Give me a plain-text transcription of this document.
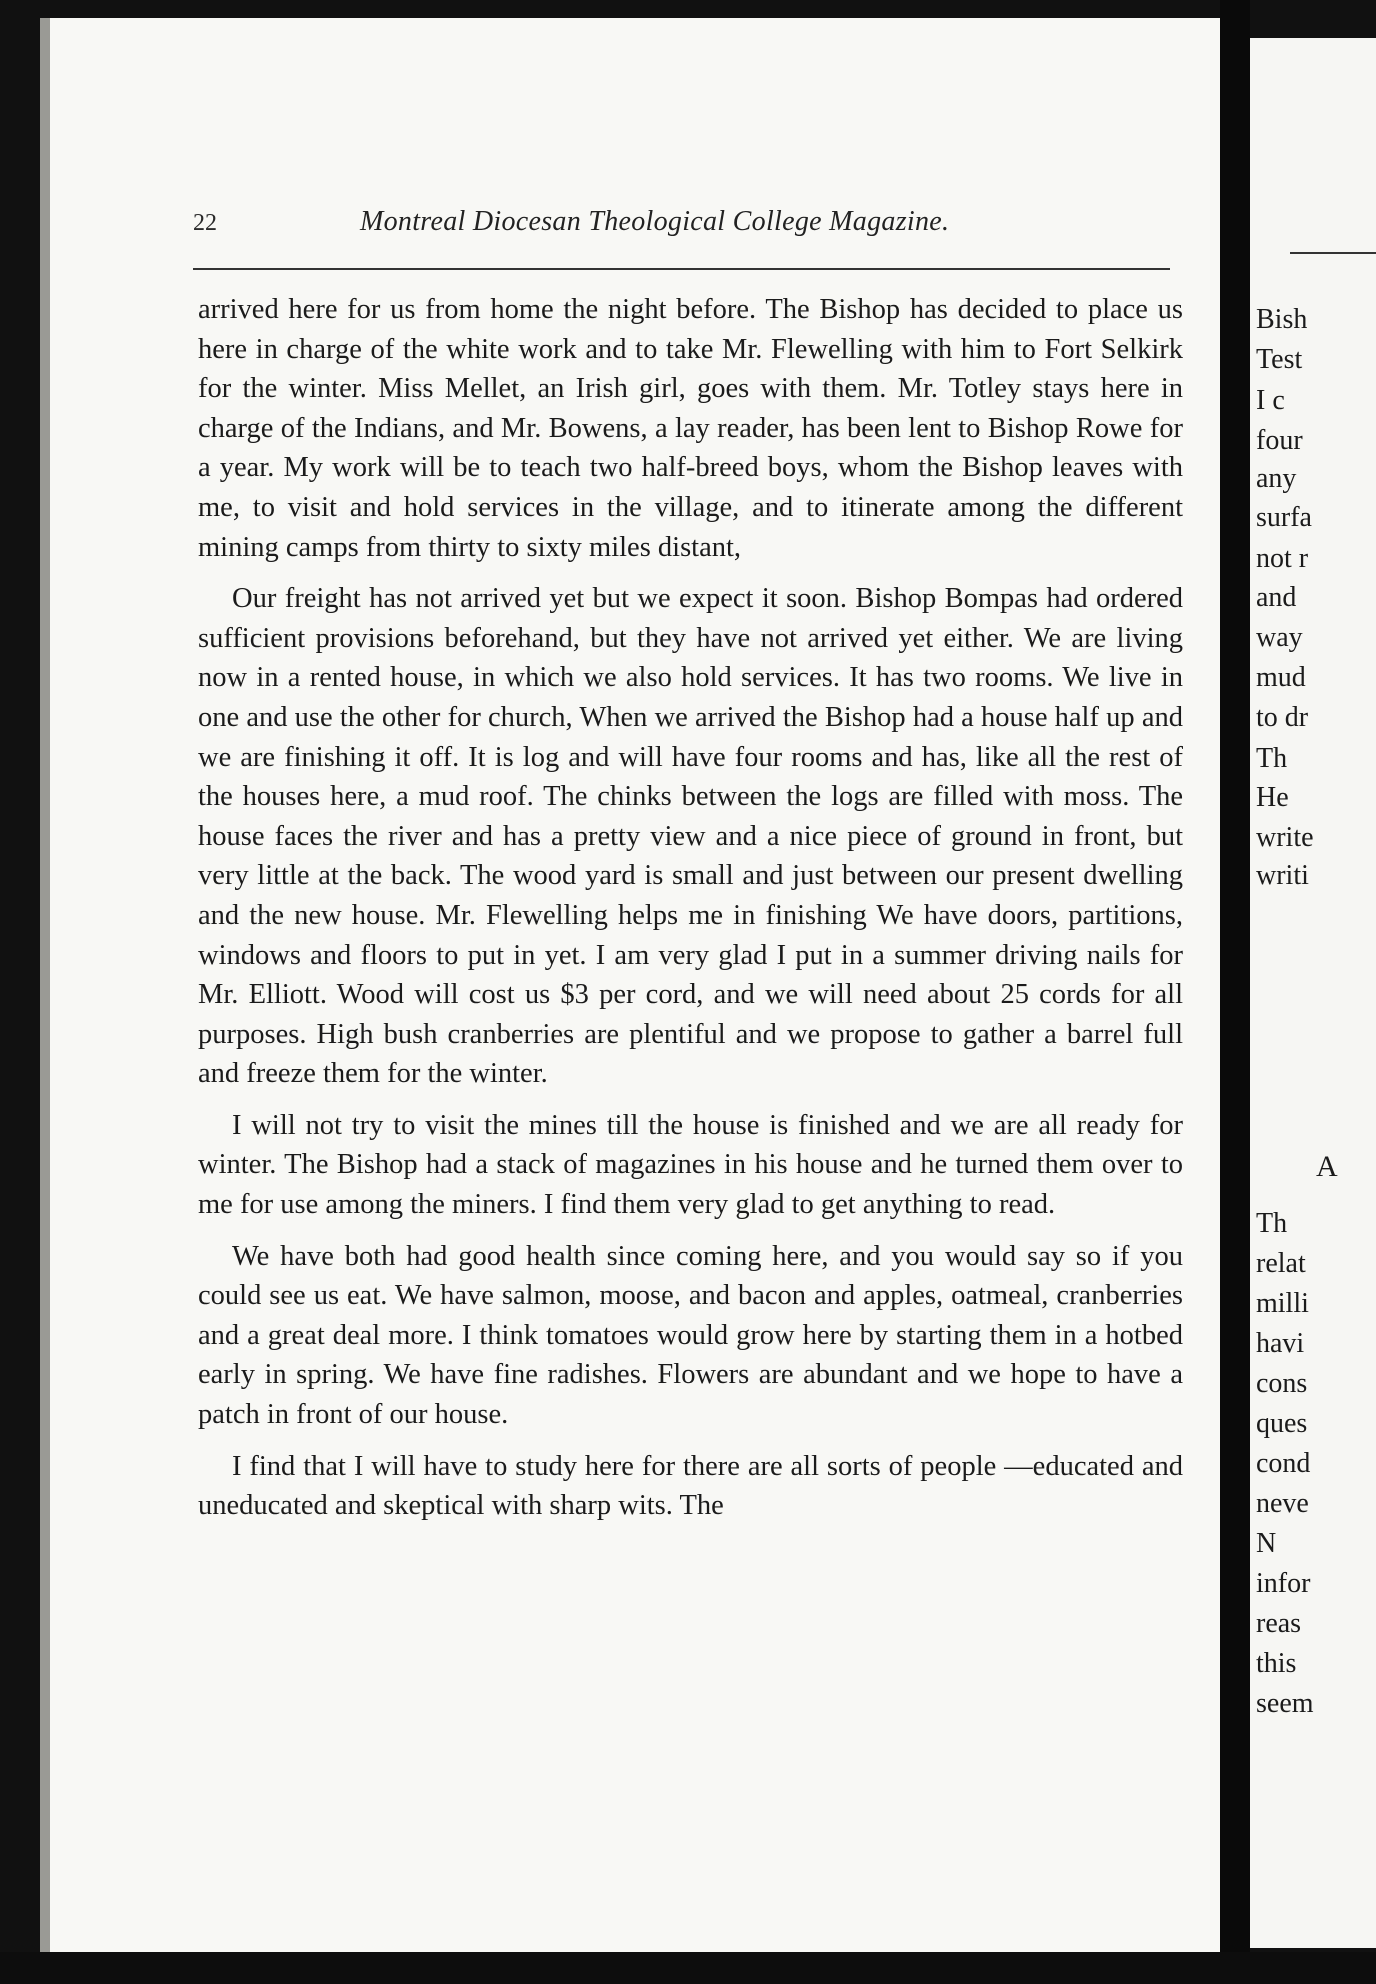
Bish
Test
I c
four
any
surfa
not r
and
way
mud
to dr
Th
He
write
writi
Th
relat
milli
havi
cons
ques
cond
neve
N
infor
reas
this
seem
A
22	Montreal Diocesan Theological College Magazine.

arrived here for us from home the night before. The Bishop has decided to place us here in charge of the white work and to take Mr. Flewelling with him to Fort Selkirk for the winter. Miss Mellet, an Irish girl, goes with them. Mr. Totley stays here in charge of the Indians, and Mr. Bowens, a lay reader, has been lent to Bishop Rowe for a year. My work will be to teach two half-breed boys, whom the Bishop leaves with me, to visit and hold services in the village, and to itinerate among the different mining camps from thirty to sixty miles distant,

Our freight has not arrived yet but we expect it soon. Bishop Bompas had ordered sufficient provisions beforehand, but they have not arrived yet either. We are living now in a rented house, in which we also hold services. It has two rooms. We live in one and use the other for church, When we arrived the Bishop had a house half up and we are finishing it off. It is log and will have four rooms and has, like all the rest of the houses here, a mud roof. The chinks between the logs are filled with moss. The house faces the river and has a pretty view and a nice piece of ground in front, but very little at the back. The wood yard is small and just between our present dwelling and the new house. Mr. Flewelling helps me in finishing We have doors, partitions, windows and floors to put in yet. I am very glad I put in a summer driving nails for Mr. Elliott. Wood will cost us $3 per cord, and we will need about 25 cords for all purposes. High bush cranberries are plentiful and we propose to gather a barrel full and freeze them for the winter.

I will not try to visit the mines till the house is finished and we are all ready for winter. The Bishop had a stack of magazines in his house and he turned them over to me for use among the miners. I find them very glad to get anything to read.

We have both had good health since coming here, and you would say so if you could see us eat. We have salmon, moose, and bacon and apples, oatmeal, cranberries and a great deal more. I think tomatoes would grow here by starting them in a hotbed early in spring. We have fine radishes. Flowers are abundant and we hope to have a patch in front of our house.

I find that I will have to study here for there are all sorts of people —educated and uneducated and skeptical with sharp wits. The
